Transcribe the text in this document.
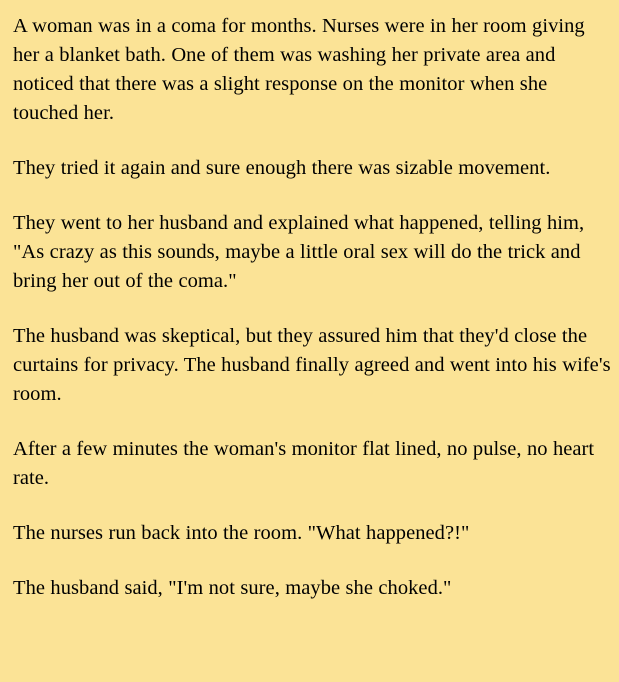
A woman was in a coma for months. Nurses were in her room giving her a blanket bath. One of them was washing her private area and noticed that there was a slight response on the monitor when she touched her.

They tried it again and sure enough there was sizable movement.

They went to her husband and explained what happened, telling him, "As crazy as this sounds, maybe a little oral sex will do the trick and bring her out of the coma."

The husband was skeptical, but they assured him that they'd close the curtains for privacy. The husband finally agreed and went into his wife's room.

After a few minutes the woman's monitor flat lined, no pulse, no heart rate.

The nurses run back into the room. "What happened?!"

The husband said, "I'm not sure, maybe she choked."
